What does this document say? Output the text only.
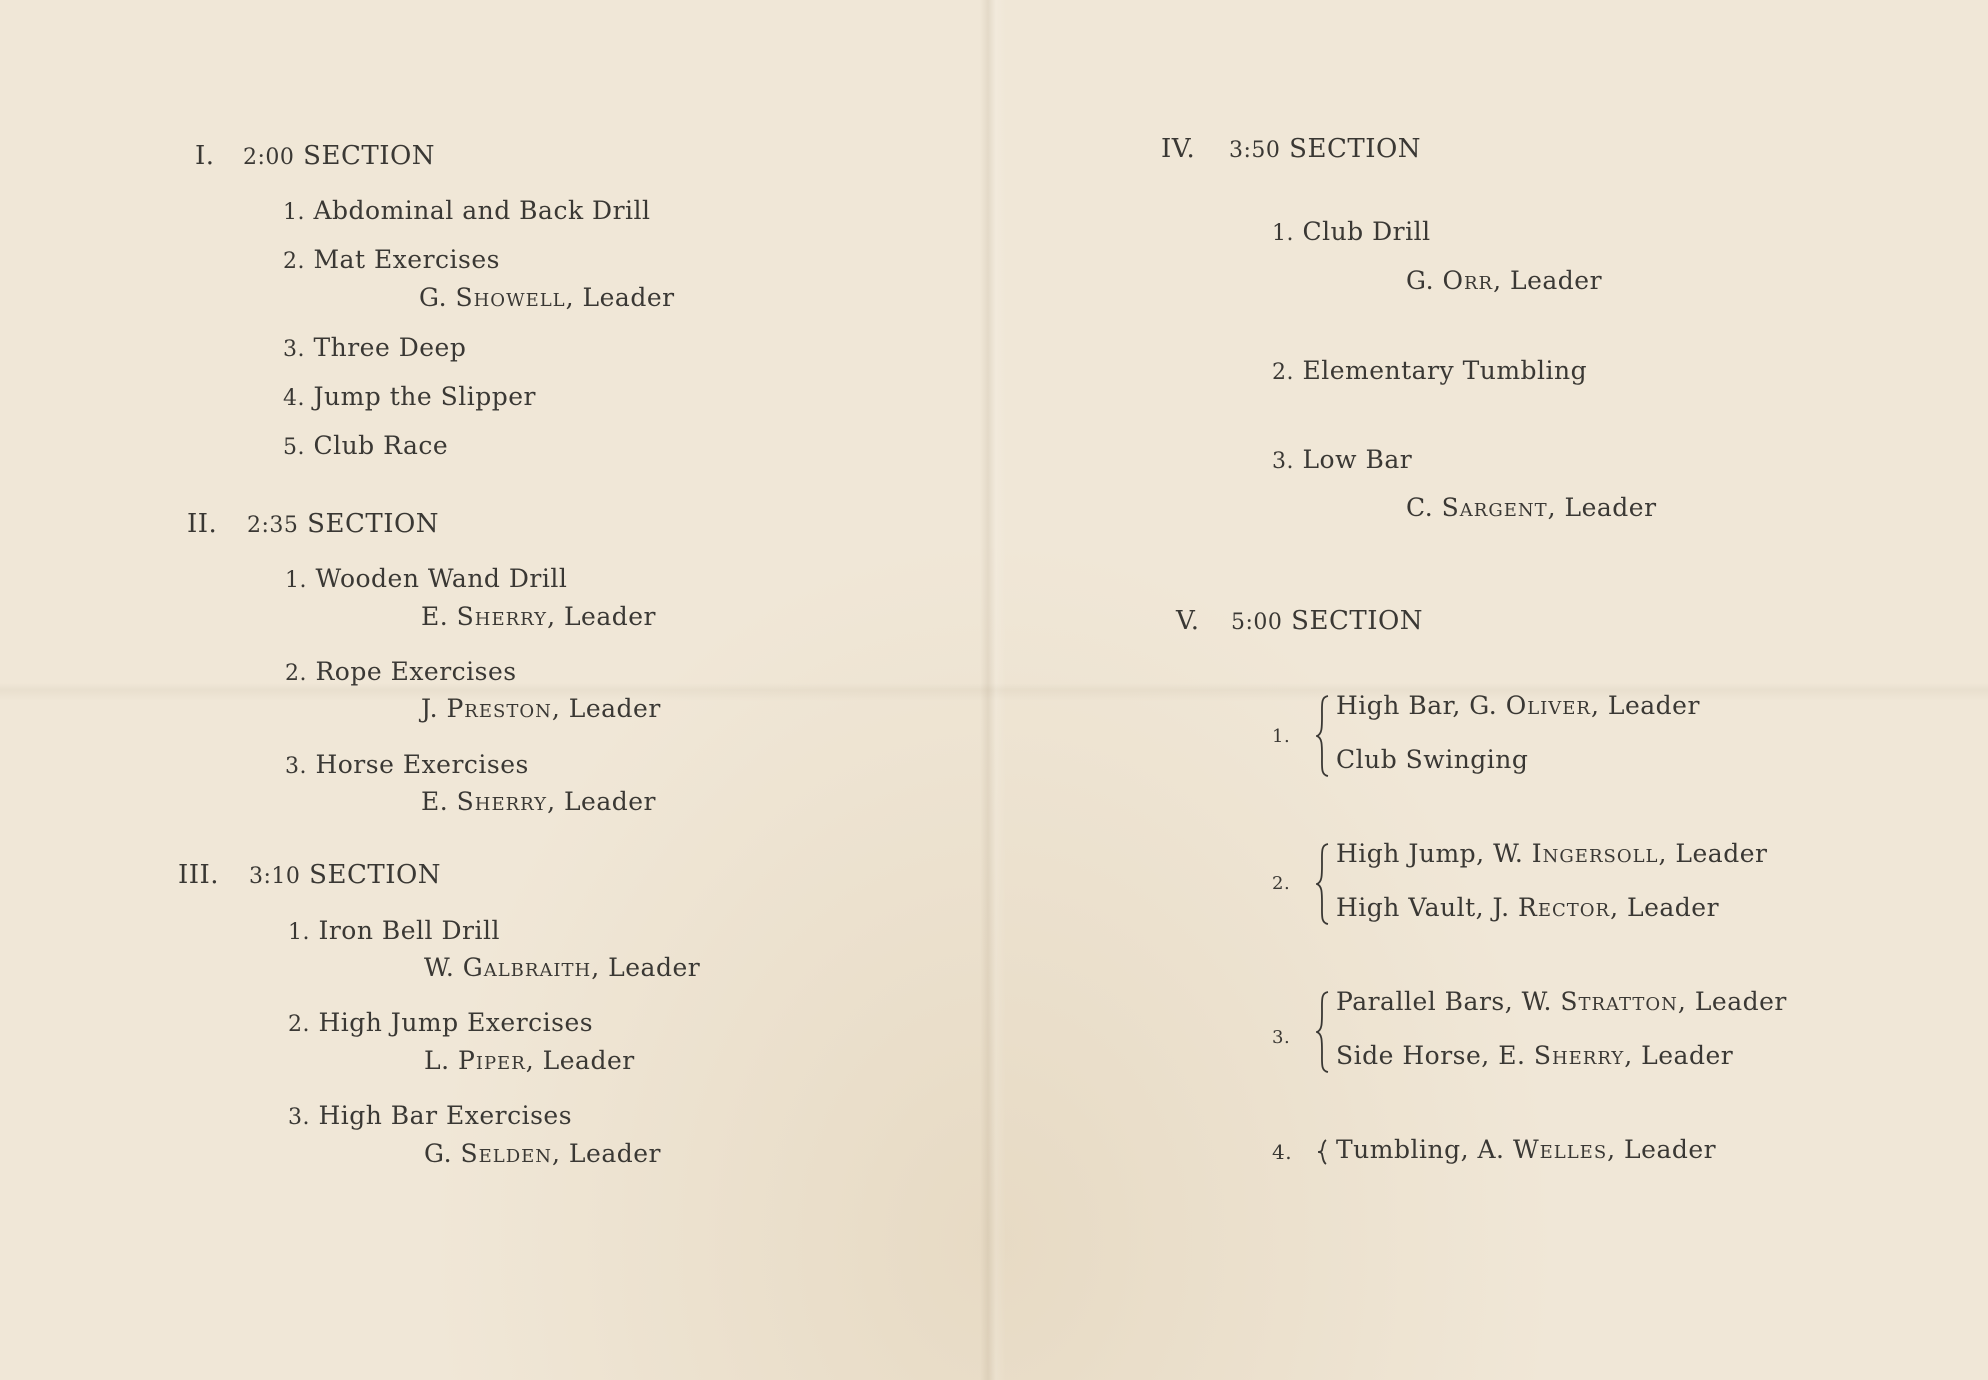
I. 2:00 SECTION
1. Abdominal and Back Drill
2. Mat Exercises
G. Showell, Leader
3. Three Deep
4. Jump the Slipper
5. Club Race
II. 2:35 SECTION
1. Wooden Wand Drill
E. Sherry, Leader
2. Rope Exercises
J. Preston, Leader
3. Horse Exercises
E. Sherry, Leader
III. 3:10 SECTION
1. Iron Bell Drill
W. Galbraith, Leader
2. High Jump Exercises
L. Piper, Leader
3. High Bar Exercises
G. Selden, Leader
IV. 3:50 SECTION
1. Club Drill
G. Orr, Leader
2. Elementary Tumbling
3. Low Bar
C. Sargent, Leader
V. 5:00 SECTION
1.
High Bar, G. Oliver, Leader
Club Swinging
2.
High Jump, W. Ingersoll, Leader
High Vault, J. Rector, Leader
3.
Parallel Bars, W. Stratton, Leader
Side Horse, E. Sherry, Leader
4. Tumbling, A. Welles, Leader
